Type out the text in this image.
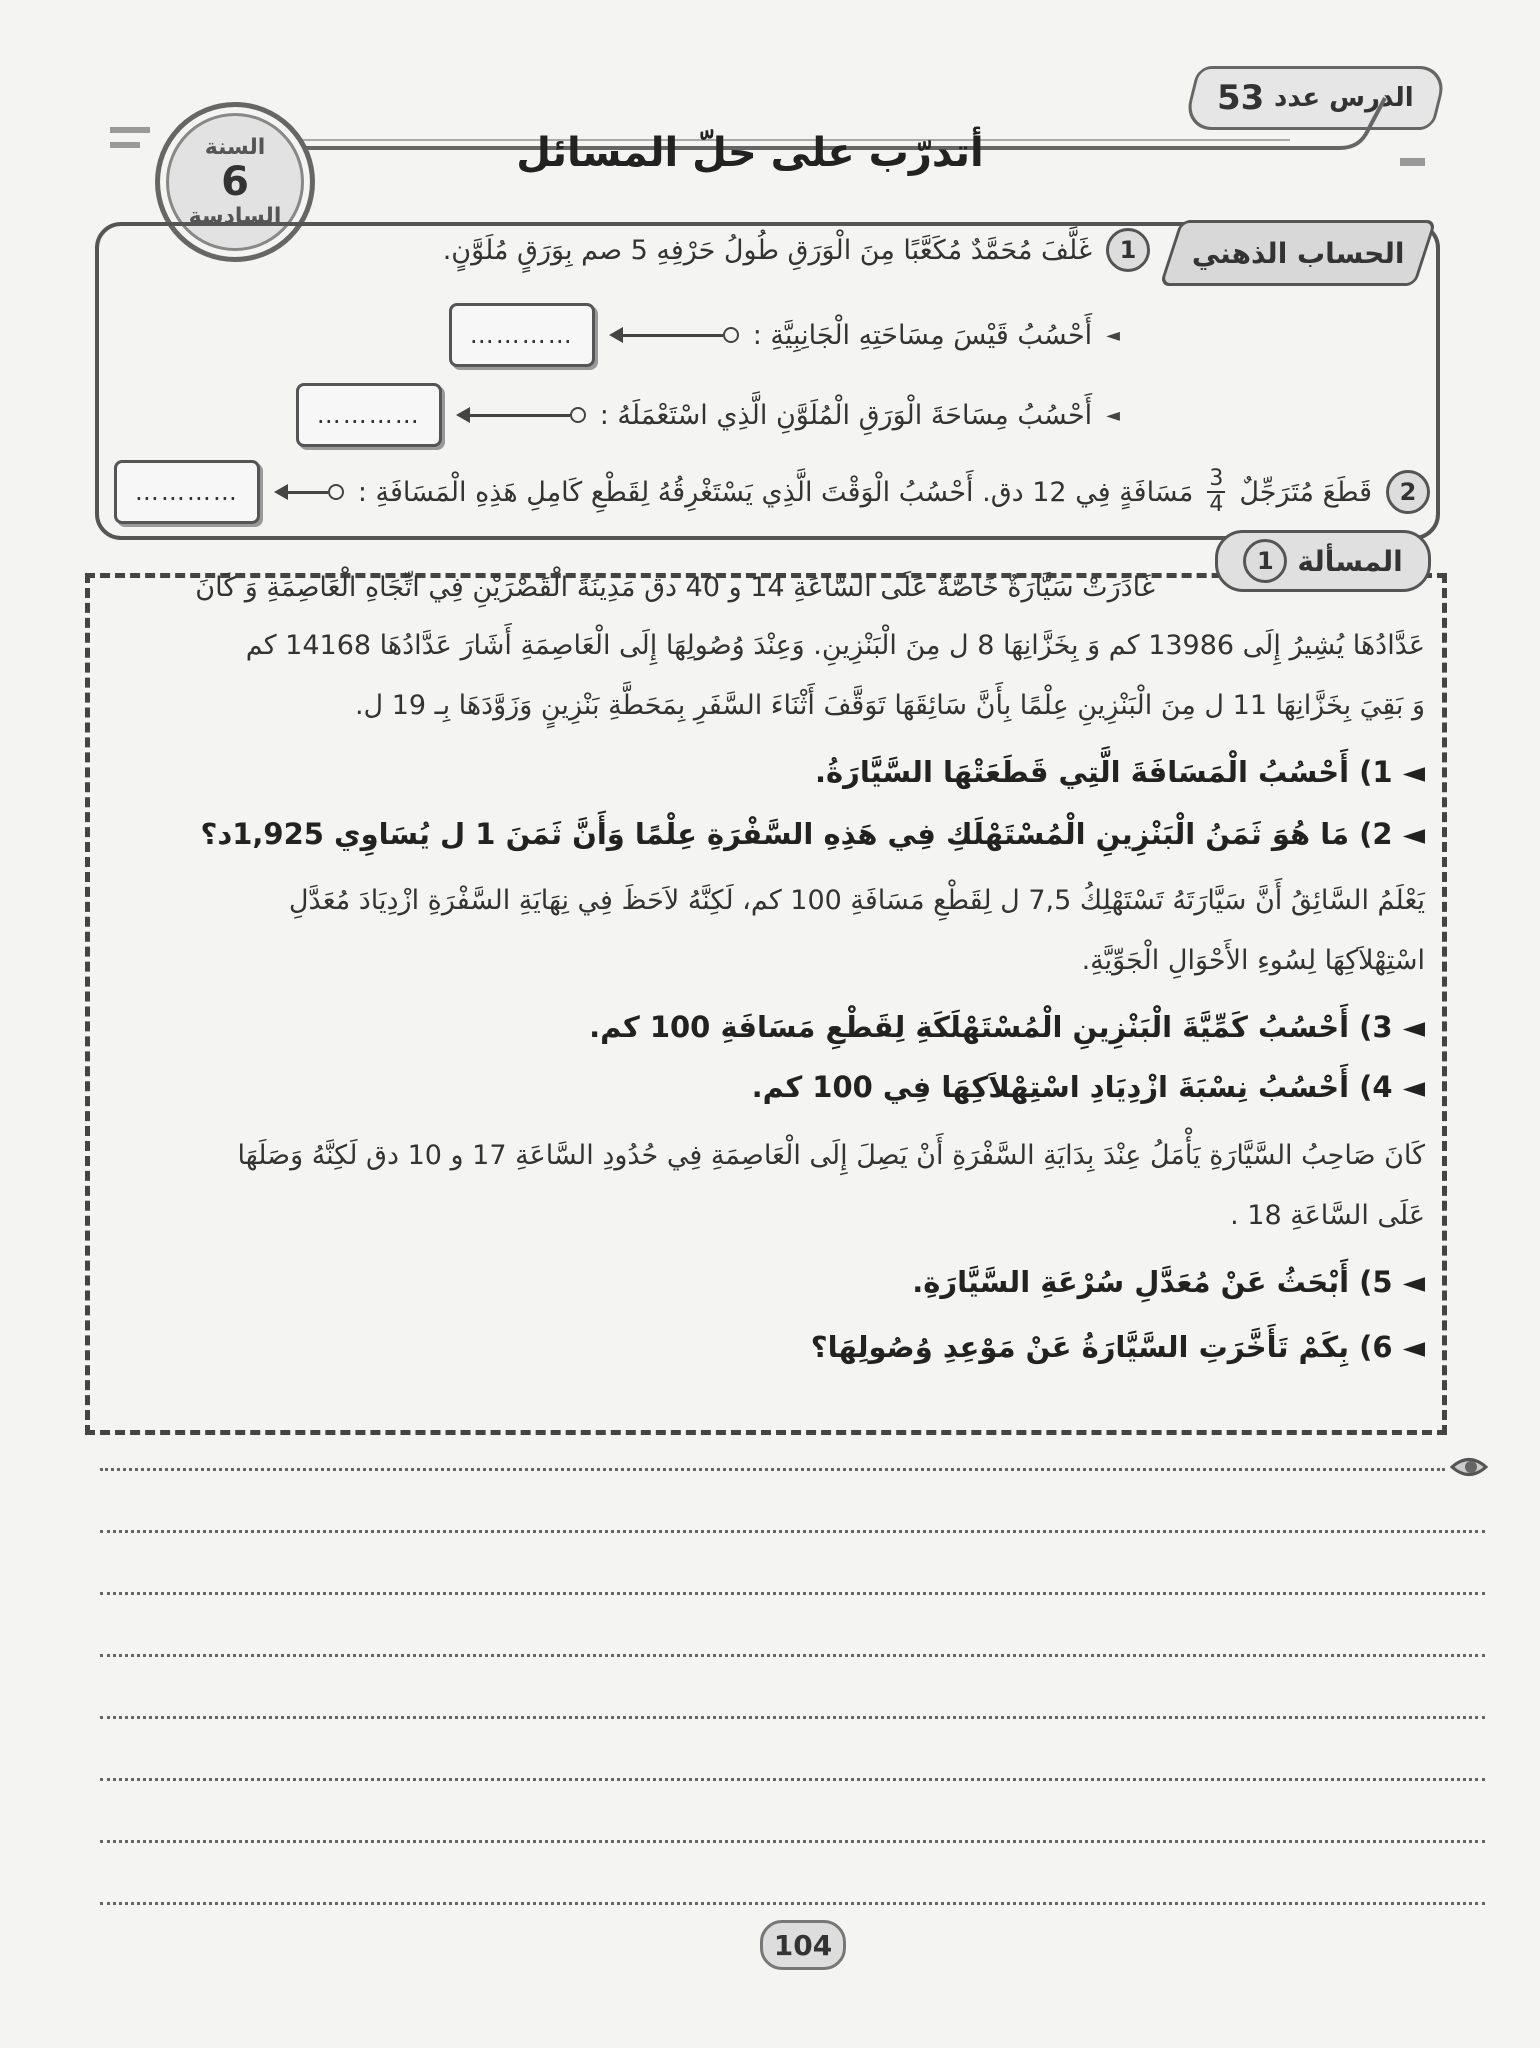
53 الدرس عدد
أتدرّب على حلّ المسائل
السنة
6
السادسة
الحساب الذهني
1
غَلَّفَ مُحَمَّدٌ مُكَعَّبًا مِنَ الْوَرَقِ طُولُ حَرْفِهِ 5 صم بِوَرَقٍ مُلَوَّنٍ.
◄
أَحْسُبُ قَيْسَ مِسَاحَتِهِ الْجَانِبِيَّةِ :
…………
◄
أَحْسُبُ مِسَاحَةَ الْوَرَقِ الْمُلَوَّنِ الَّذِي اسْتَعْمَلَهُ :
…………
2
قَطَعَ مُتَرَجِّلٌ
$\frac{3}{4}$
مَسَافَةٍ فِي 12 دق. أَحْسُبُ الْوَقْتَ الَّذِي يَسْتَغْرِقُهُ لِقَطْعِ كَامِلِ هَذِهِ الْمَسَافَةِ :
…………
المسألة
1
غَادَرَتْ سَيَّارَةٌ خَاصَّةٌ عَلَى السَّاعَةِ 14 و 40 دق مَدِينَةَ الْقَصْرَيْنِ فِي اتِّجَاهِ الْعَاصِمَةِ وَ كَانَ
عَدَّادُهَا يُشِيرُ إِلَى 13986 كم وَ بِخَزَّانِهَا 8 ل مِنَ الْبَنْزِينِ. وَعِنْدَ وُصُولِهَا إِلَى الْعَاصِمَةِ أَشَارَ عَدَّادُهَا 14168 كم
وَ بَقِيَ بِخَزَّانِهَا 11 ل مِنَ الْبَنْزِينِ عِلْمًا بِأَنَّ سَائِقَهَا تَوَقَّفَ أَثْنَاءَ السَّفَرِ بِمَحَطَّةِ بَنْزِينٍ وَزَوَّدَهَا بِـ 19 ل.
◄ 1) أَحْسُبُ الْمَسَافَةَ الَّتِي قَطَعَتْهَا السَّيَّارَةُ.
◄ 2) مَا هُوَ ثَمَنُ الْبَنْزِينِ الْمُسْتَهْلَكِ فِي هَذِهِ السَّفْرَةِ عِلْمًا وَأَنَّ ثَمَنَ 1 ل يُسَاوِي 1,925د؟
يَعْلَمُ السَّائِقُ أَنَّ سَيَّارَتَهُ تَسْتَهْلِكُ 7,5 ل لِقَطْعِ مَسَافَةِ 100 كم، لَكِنَّهُ لاَحَظَ فِي نِهَايَةِ السَّفْرَةِ ازْدِيَادَ مُعَدَّلِ
اسْتِهْلاَكِهَا لِسُوءِ الأَحْوَالِ الْجَوِّيَّةِ.
◄ 3) أَحْسُبُ كَمِّيَّةَ الْبَنْزِينِ الْمُسْتَهْلَكَةِ لِقَطْعِ مَسَافَةِ 100 كم.
◄ 4) أَحْسُبُ نِسْبَةَ ازْدِيَادِ اسْتِهْلاَكِهَا فِي 100 كم.
كَانَ صَاحِبُ السَّيَّارَةِ يَأْمَلُ عِنْدَ بِدَايَةِ السَّفْرَةِ أَنْ يَصِلَ إِلَى الْعَاصِمَةِ فِي حُدُودِ السَّاعَةِ 17 و 10 دق لَكِنَّهُ وَصَلَهَا
عَلَى السَّاعَةِ 18 .
◄ 5) أَبْحَثُ عَنْ مُعَدَّلِ سُرْعَةِ السَّيَّارَةِ.
◄ 6) بِكَمْ تَأَخَّرَتِ السَّيَّارَةُ عَنْ مَوْعِدِ وُصُولِهَا؟
104
